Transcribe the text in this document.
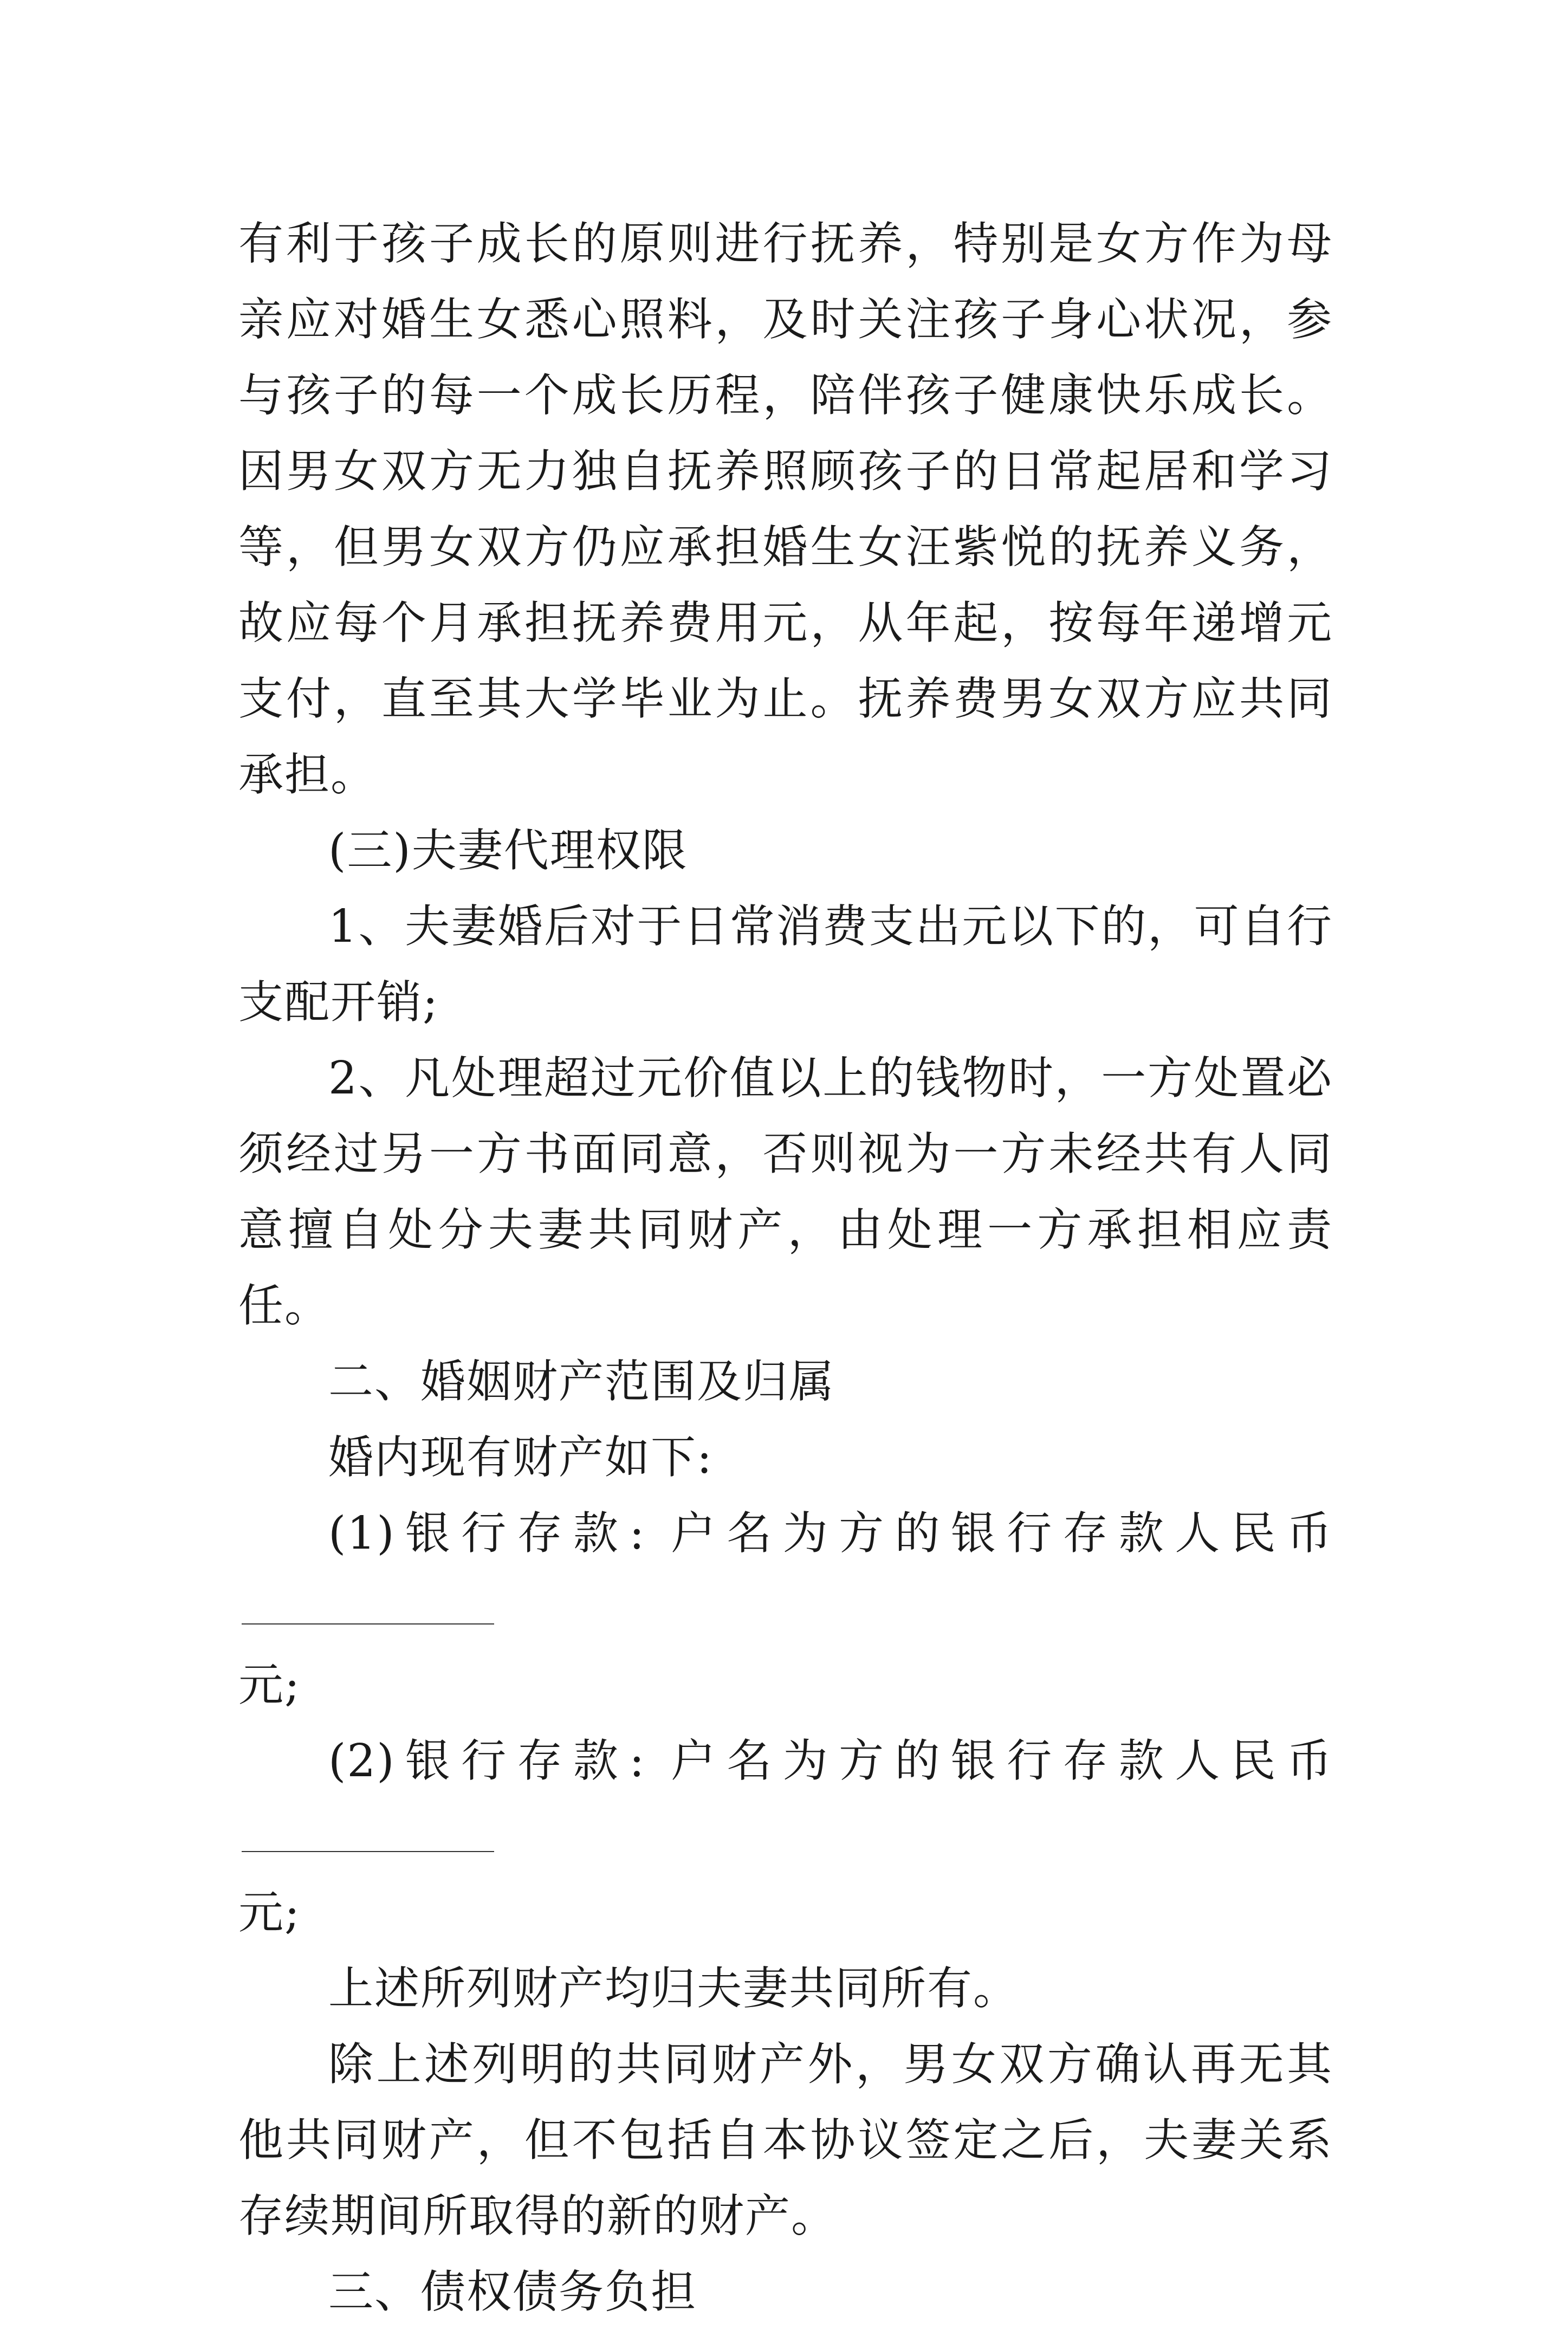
有利于孩子成长的原则进行抚养，特别是女方作为母亲应对婚生女悉心照料，及时关注孩子身心状况，参与孩子的每一个成长历程，陪伴孩子健康快乐成长。因男女双方无力独自抚养照顾孩子的日常起居和学习等，但男女双方仍应承担婚生女汪紫悦的抚养义务，故应每个月承担抚养费用元，从年起，按每年递增元支付，直至其大学毕业为止。抚养费男女双方应共同承担。

(三)夫妻代理权限

1、夫妻婚后对于日常消费支出元以下的，可自行支配开销;

2、凡处理超过元价值以上的钱物时，一方处置必须经过另一方书面同意，否则视为一方未经共有人同意擅自处分夫妻共同财产，由处理一方承担相应责任。

二、婚姻财产范围及归属

婚内现有财产如下:

(1)银行存款: 户名为方的银行存款人民币

元;

(2)银行存款: 户名为方的银行存款人民币

元;

上述所列财产均归夫妻共同所有。

除上述列明的共同财产外，男女双方确认再无其他共同财产，但不包括自本协议签定之后，夫妻关系存续期间所取得的新的财产。

三、债权债务负担
